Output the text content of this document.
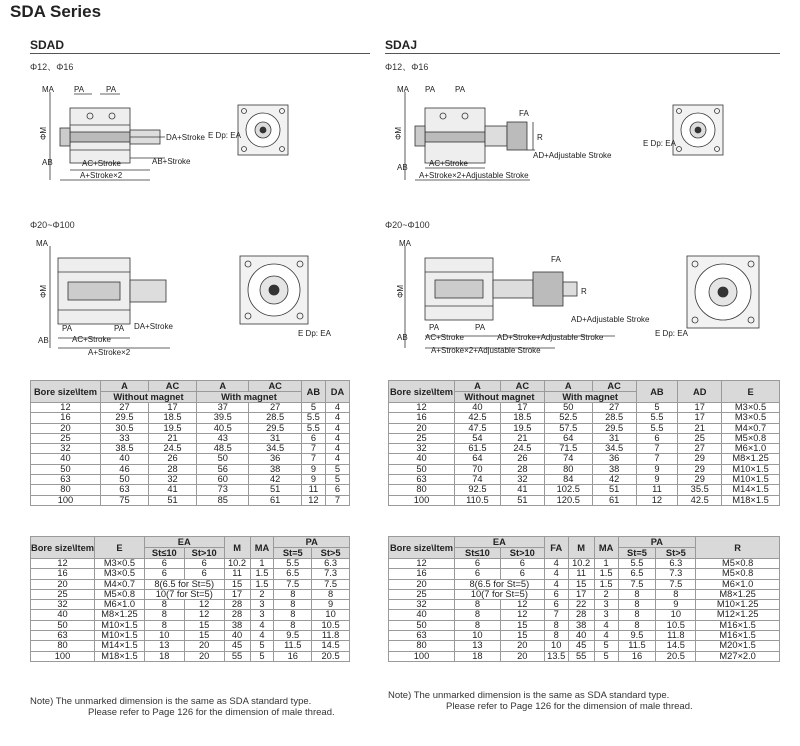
SDA Series
SDAD	SDAJ
Φ12、Φ16	Φ12、Φ16
Φ20~Φ100	Φ20~Φ100
MA	PA	PA
ΦM	DA+Stroke
AB+Stroke
AC+Stroke
AB
A+Stroke×2
E Dp: EA
MA PA PA
FA
R
ΦM
AD+Adjustable Stroke
AC+Stroke
AB
A+Stroke×2+Adjustable Stroke
E Dp: EA
MA
ΦM
PA	PA DA+Stroke
AB	AC+Stroke
A+Stroke×2
E Dp: EA
MA
ΦM
FA
R
PA	PA
AD+Adjustable Stroke
AB AC+Stroke	AD+Stroke+Adjustable Stroke
A+Stroke×2+Adjustable Stroke
E Dp: EA
Bore size\Item	A	AC	A	AC	AB	DA
	Without magnet		With magnet			
12	27	17	37	27	5	4
16	29.5	18.5	39.5	28.5	5.5	4
20	30.5	19.5	40.5	29.5	5.5	4
25	33	21	43	31	6	4
32	38.5	24.5	48.5	34.5	7	4
40	40	26	50	36	7	4
50	46	28	56	38	9	5
63	50	32	60	42	9	5
80	63	41	73	51	11	6
100	75	51	85	61	12	7
Bore size\Item	E	EA		M	MA	PA	
		St≤10	St>10			St=5	St>5
12	M3×0.5	6	6	10.2	1	5.5	6.3
16	M3×0.5	6	6	11	1.5	6.5	7.3
20	M4×0.7	8(6.5 for St=5)		15	1.5	7.5	7.5
25	M5×0.8	10(7 for St=5)		17	2	8	8
32	M6×1.0	8	12	28	3	8	9
40	M8×1.25	8	12	28	3	8	10
50	M10×1.5	8	15	38	4	8	10.5
63	M10×1.5	10	15	40	4	9.5	11.8
80	M14×1.5	13	20	45	5	11.5	14.5
100	M18×1.5	18	20	55	5	16	20.5
Bore size\Item	A	AC	A	AC	AB	AD	E
	Without magnet		With magnet				
12	40	17	50	27	5	17	M3×0.5
16	42.5	18.5	52.5	28.5	5.5	17	M3×0.5
20	47.5	19.5	57.5	29.5	5.5	21	M4×0.7
25	54	21	64	31	6	25	M5×0.8
32	61.5	24.5	71.5	34.5	7	27	M6×1.0
40	64	26	74	36	7	29	M8×1.25
50	70	28	80	38	9	29	M10×1.5
63	74	32	84	42	9	29	M10×1.5
80	92.5	41	102.5	51	11	35.5	M14×1.5
100	110.5	51	120.5	61	12	42.5	M18×1.5
Bore size\Item	EA		FA	M	MA	PA		R
	St≤10	St>10				St=5	St>5	
12	6	6	4	10.2	1	5.5	6.3	M5×0.8
16	6	6	4	11	1.5	6.5	7.3	M5×0.8
20	8(6.5 for St=5)		4	15	1.5	7.5	7.5	M6×1.0
25	10(7 for St=5)		6	17	2	8	8	M8×1.25
32	8	12	6	22	3	8	9	M10×1.25
40	8	12	7	28	3	8	10	M12×1.25
50	8	15	8	38	4	8	10.5	M16×1.5
63	10	15	8	40	4	9.5	11.8	M16×1.5
80	13	20	10	45	5	11.5	14.5	M20×1.5
100	18	20	13.5	55	5	16	20.5	M27×2.0
Note) The unmarked dimension is the same as SDA standard type.
Please refer to Page 126 for the dimension of male thread.
Note) The unmarked dimension is the same as SDA standard type.
Please refer to Page 126 for the dimension of male thread.
